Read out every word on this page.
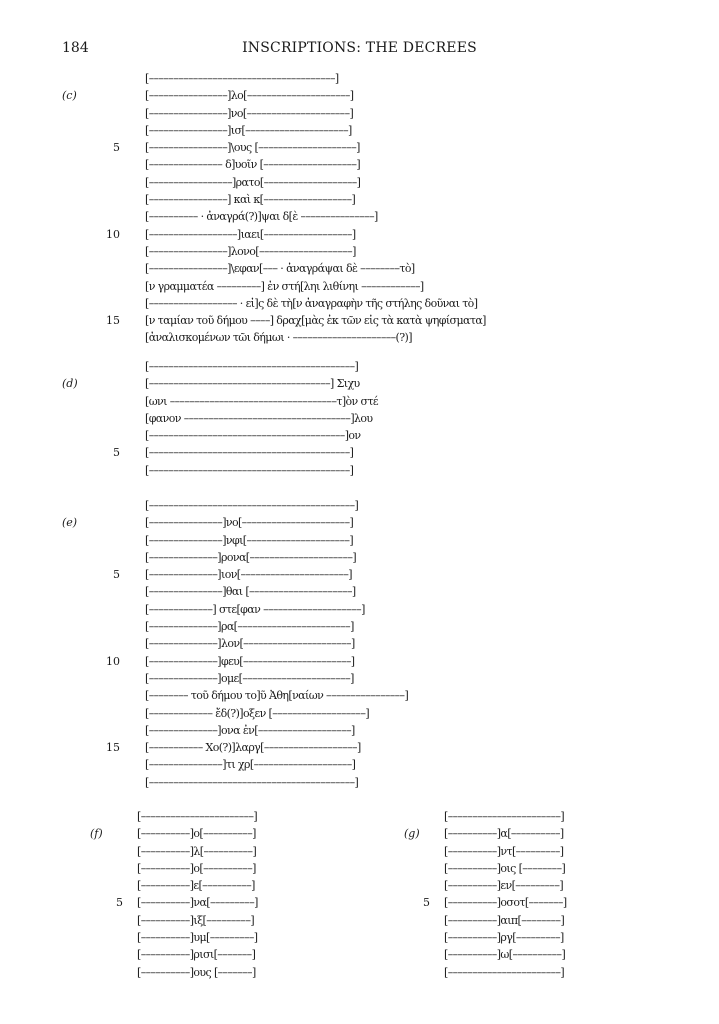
184	INSCRIPTIONS: THE DECREES
[––––––––––––––––––––––––––––––––––––––]
(c)	[––––––––––––––––]λο[–––––––––––––––––––––]
[––––––––––––––––]νο[–––––––––––––––––––––]
[––––––––––––––––]ισ[–––––––––––––––––––––]
5 [––––––––––––––––]\ους [––––––––––––––––––––]
[––––––––––––––– δ]υοῖν [–––––––––––––––––––]
[–––––––––––––––––]ρατο[–––––––––––––––––––]
[––––––––––––––––] καὶ κ[––––––––––––––––––]
[–––––––––– · ἀναγρά(?)]ψαι δ[ὲ –––––––––––––––]
10 [––––––––––––––––––]ιαει[––––––––––––––––––]
[––––––––––––––––]λονο[–––––––––––––––––––]
[––––––––––––––––]\εφαν[––– · ἀναγράψαι δὲ ––––––––τὸ]
[ν γραμματέα –––––––––] ἐν στή[ληι λιθίνηι ––––––––––––]
[–––––––––––––––––– · εἰ]ς δὲ τὴ[ν ἀναγραφὴν τῆς στήλης δοῦναι τὸ]
15 [ν ταμίαν τοῦ δήμου ––––] δραχ[μὰς ἐκ τῶν εἰς τὰ κατὰ ψηφίσματα]
[ἀναλισκομένων τῶι δήμωι · –––––––––––––––––––––(?)]
[––––––––––––––––––––––––––––––––––––––––––]
(d)	[–––––––––––––––––––––––––––––––––––––] Σιχυ
[ωνι ––––––––––––––––––––––––––––––––––τ]ὸν στέ
[φανον ––––––––––––––––––––––––––––––––––]λου
[––––––––––––––––––––––––––––––––––––––––]ον
5 [–––––––––––––––––––––––––––––––––––––––––]
[–––––––––––––––––––––––––––––––––––––––––]
[––––––––––––––––––––––––––––––––––––––––––]
(e)	[–––––––––––––––]νο[––––––––––––––––––––––]
[–––––––––––––––]νφι[–––––––––––––––––––––]
[––––––––––––––]ρονα[–––––––––––––––––––––]
5 [––––––––––––––]ιον[––––––––––––––––––––––]
[–––––––––––––––]θαι [–––––––––––––––––––––]
[–––––––––––––] στε[φαν ––––––––––––––––––––]
[––––––––––––––]ρα[–––––––––––––––––––––––]
[––––––––––––––]λον[––––––––––––––––––––––]
10 [––––––––––––––]φευ[––––––––––––––––––––––]
[––––––––––––––]ομε[––––––––––––––––––––––]
[–––––––– τοῦ δήμου το]ῦ Ἀθη[ναίων ––––––––––––––––]
[––––––––––––– ἔδ(?)]οξεν [–––––––––––––––––––]
[––––––––––––––]ονα ἐν[–––––––––––––––––––]
15 [––––––––––– Χο(?)]λαργ[–––––––––––––––––––]
[–––––––––––––––]τι χρ[––––––––––––––––––––]
[––––––––––––––––––––––––––––––––––––––––––]
[–––––––––––––––––––––––]
(f)	[––––––––––]ο[––––––––––]
[––––––––––]λ[––––––––––]
[––––––––––]ο[––––––––––]
[––––––––––]ε[––––––––––]
5 [––––––––––]να[–––––––––]
[––––––––––]ιξ[–––––––––]
[––––––––––]υμ[–––––––––]
[––––––––––]ρισι[–––––––]
[––––––––––]ους [–––––––]
[–––––––––––––––––––––––]
(g) [––––––––––]α[––––––––––]
[––––––––––]ντ[–––––––––]
[––––––––––]οις [––––––––]
[––––––––––]εν[–––––––––]
5 [––––––––––]οσοτ[–––––––]
[––––––––––]αιπ[––––––––]
[––––––––––]ργ[–––––––––]
[––––––––––]ω[––––––––––]
[–––––––––––––––––––––––]
